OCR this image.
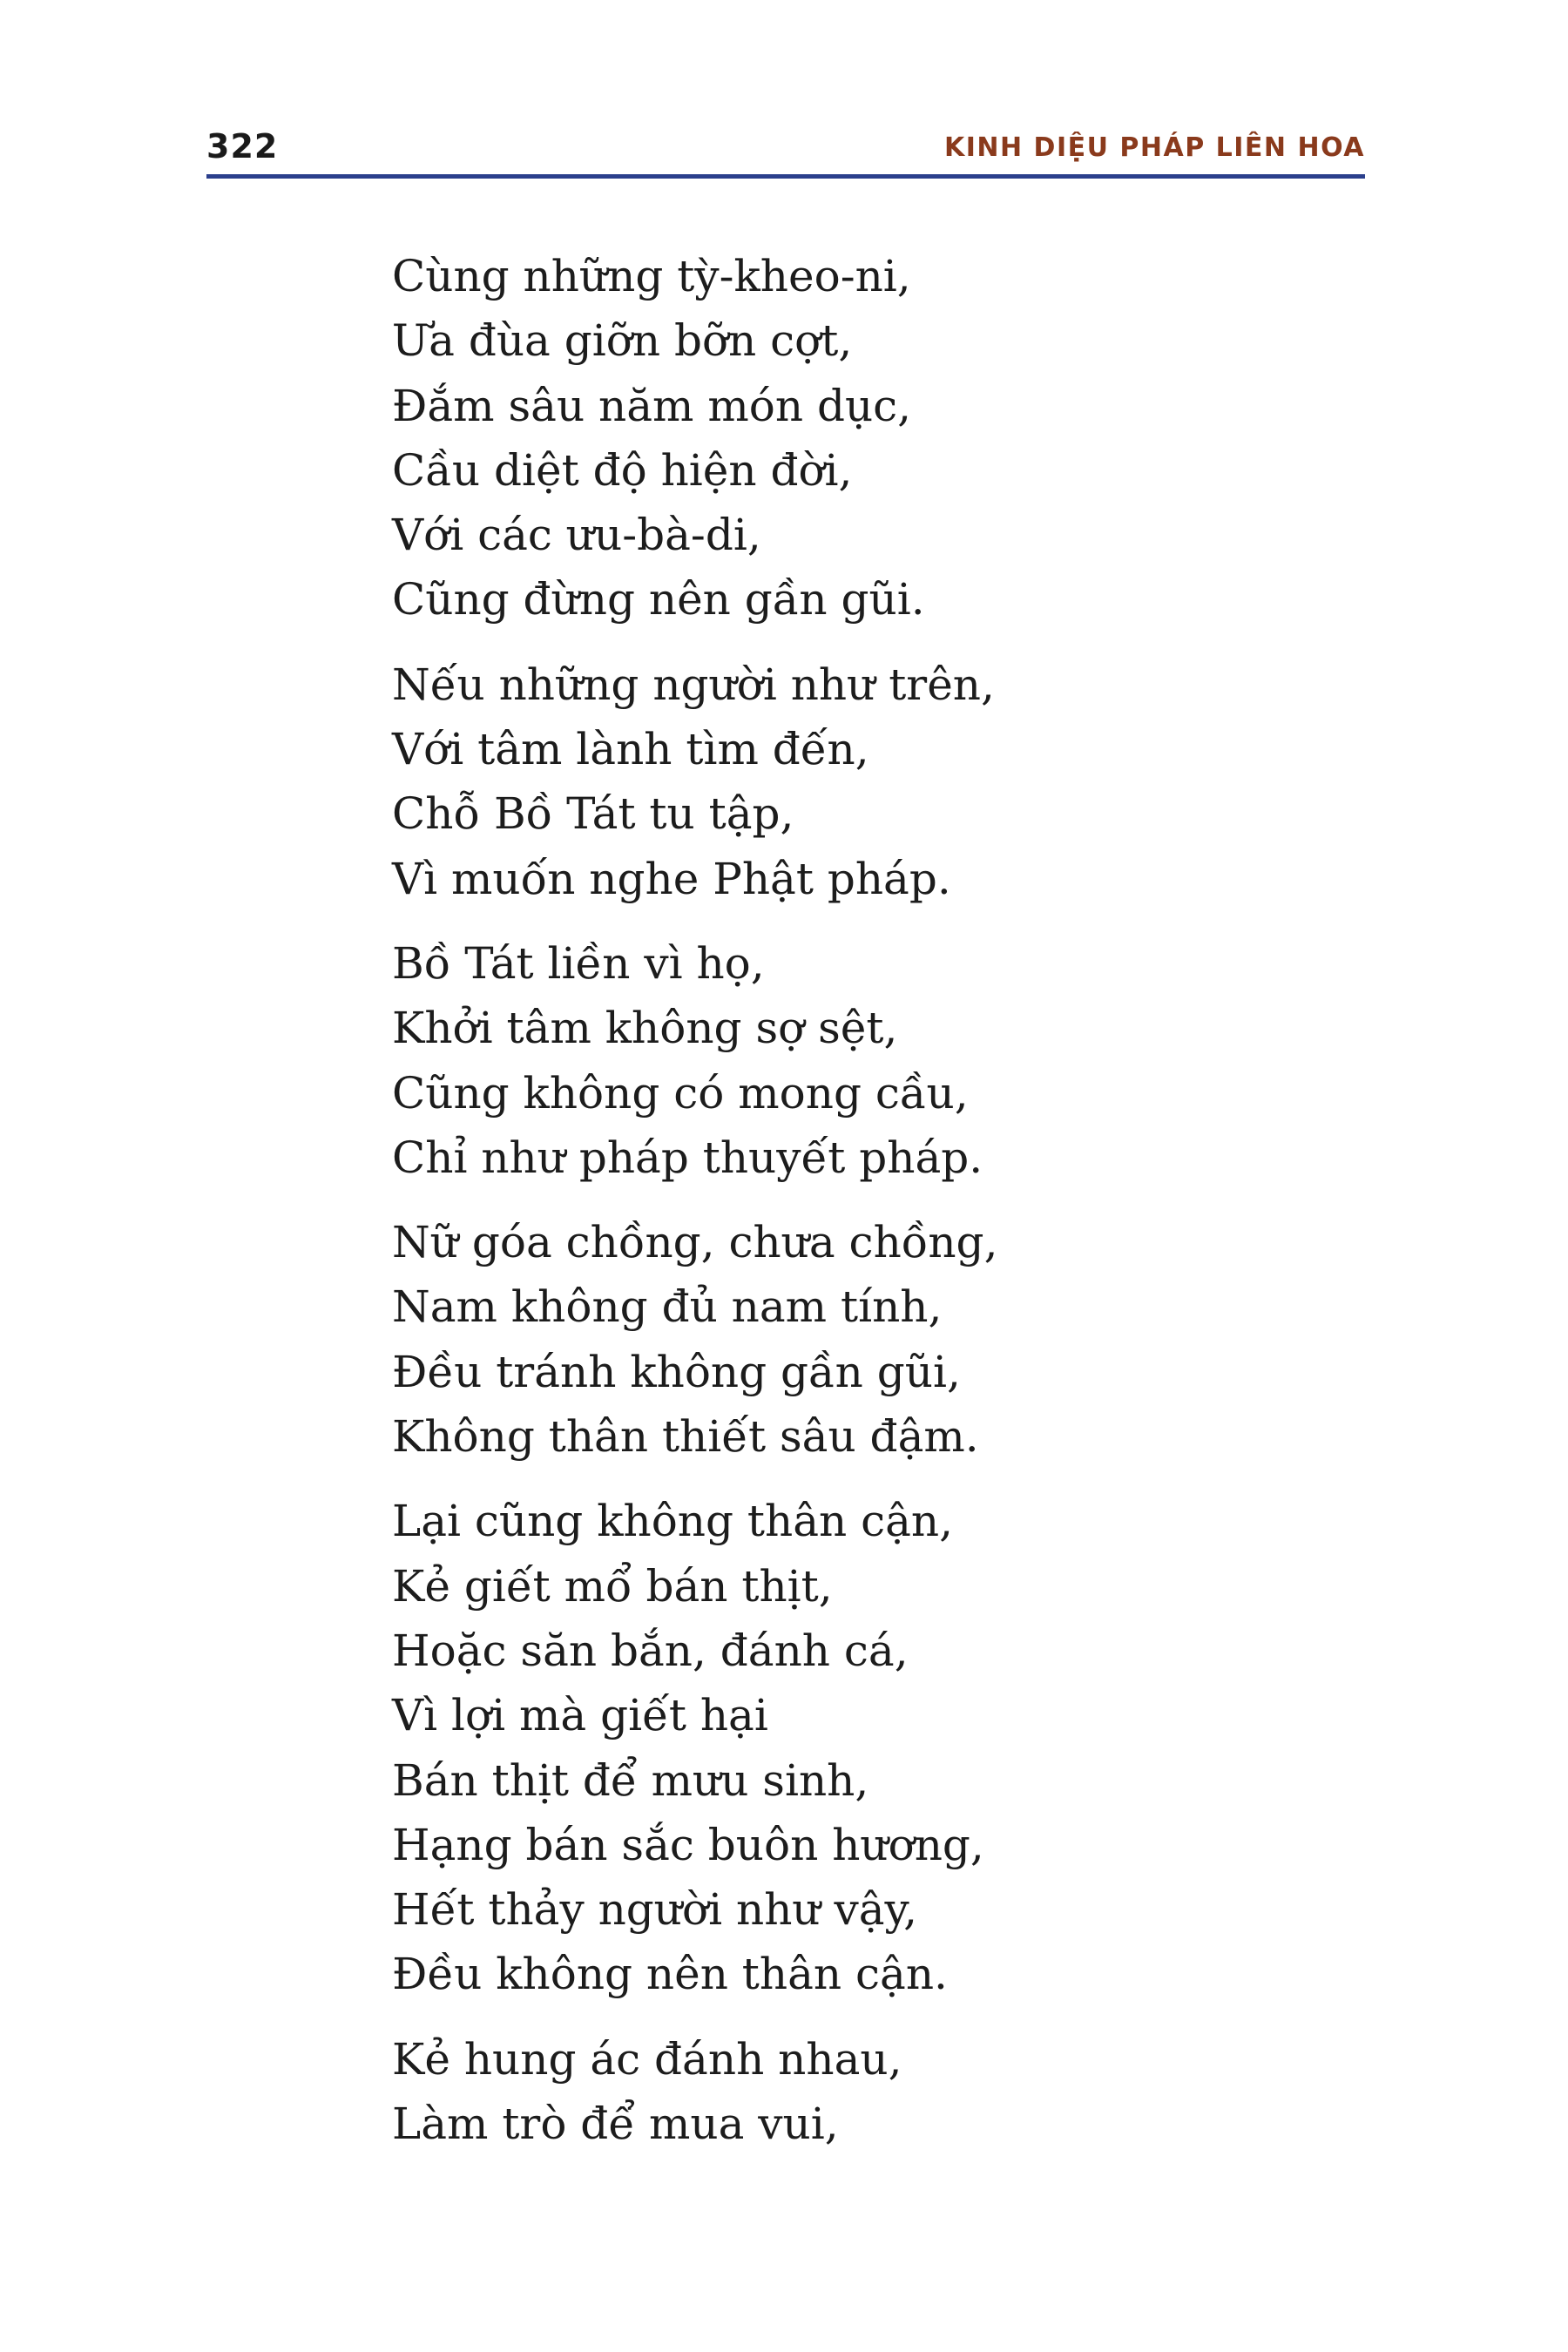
322	KINH DIỆU PHÁP LIÊN HOA
Cùng những tỳ-kheo-ni,
Ưa đùa giỡn bỡn cợt,
Đắm sâu năm món dục,
Cầu diệt độ hiện đời,
Với các ưu-bà-di,
Cũng đừng nên gần gũi.
Nếu những người như trên,
Với tâm lành tìm đến,
Chỗ Bồ Tát tu tập,
Vì muốn nghe Phật pháp.
Bồ Tát liền vì họ,
Khởi tâm không sợ sệt,
Cũng không có mong cầu,
Chỉ như pháp thuyết pháp.
Nữ góa chồng, chưa chồng,
Nam không đủ nam tính,
Đều tránh không gần gũi,
Không thân thiết sâu đậm.
Lại cũng không thân cận,
Kẻ giết mổ bán thịt,
Hoặc săn bắn, đánh cá,
Vì lợi mà giết hại
Bán thịt để mưu sinh,
Hạng bán sắc buôn hương,
Hết thảy người như vậy,
Đều không nên thân cận.
Kẻ hung ác đánh nhau,
Làm trò để mua vui,
